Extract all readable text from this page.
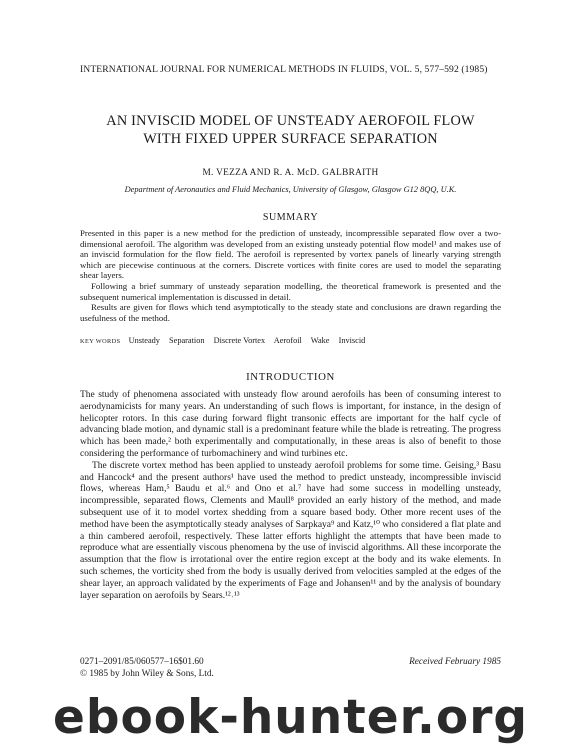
INTERNATIONAL JOURNAL FOR NUMERICAL METHODS IN FLUIDS, VOL. 5, 577–592 (1985)
AN INVISCID MODEL OF UNSTEADY AEROFOIL FLOW
WITH FIXED UPPER SURFACE SEPARATION
M. VEZZA AND R. A. McD. GALBRAITH
Department of Aeronautics and Fluid Mechanics, University of Glasgow, Glasgow G12 8QQ, U.K.
SUMMARY

Presented in this paper is a new method for the prediction of unsteady, incompressible separated flow over a two-dimensional aerofoil. The algorithm was developed from an existing unsteady potential flow model¹ and makes use of an inviscid formulation for the flow field. The aerofoil is represented by vortex panels of linearly varying strength which are piecewise continuous at the corners. Discrete vortices with finite cores are used to model the separating shear layers.

Following a brief summary of unsteady separation modelling, the theoretical framework is presented and the subsequent numerical implementation is discussed in detail.

Results are given for flows which tend asymptotically to the steady state and conclusions are drawn regarding the usefulness of the method.

KEY WORDS Unsteady Separation Discrete Vortex Aerofoil Wake Inviscid
INTRODUCTION

The study of phenomena associated with unsteady flow around aerofoils has been of consuming interest to aerodynamicists for many years. An understanding of such flows is important, for instance, in the design of helicopter rotors. In this case during forward flight transonic effects are important for the half cycle of advancing blade motion, and dynamic stall is a predominant feature while the blade is retreating. The progress which has been made,² both experimentally and computationally, in these areas is also of benefit to those considering the performance of turbomachinery and wind turbines etc.

The discrete vortex method has been applied to unsteady aerofoil problems for some time. Geising,³ Basu and Hancock⁴ and the present authors¹ have used the method to predict unsteady, incompressible inviscid flows, whereas Ham,⁵ Baudu et al.⁶ and Ono et al.⁷ have had some success in modelling unsteady, incompressible, separated flows, Clements and Maull⁸ provided an early history of the method, and made subsequent use of it to model vortex shedding from a square based body. Other more recent uses of the method have been the asymptotically steady analyses of Sarpkaya⁹ and Katz,¹⁰ who considered a flat plate and a thin cambered aerofoil, respectively. These latter efforts highlight the attempts that have been made to reproduce what are essentially viscous phenomena by the use of inviscid algorithms. All these incorporate the assumption that the flow is irrotational over the entire region except at the body and its wake elements. In such schemes, the vorticity shed from the body is usually derived from velocities sampled at the edges of the shear layer, an approach validated by the experiments of Fage and Johansen¹¹ and by the analysis of boundary layer separation on aerofoils by Sears.¹²˒¹³

0271–2091/85/060577–16$01.60
© 1985 by John Wiley & Sons, Ltd.
Received February 1985
ebook-hunter.org
